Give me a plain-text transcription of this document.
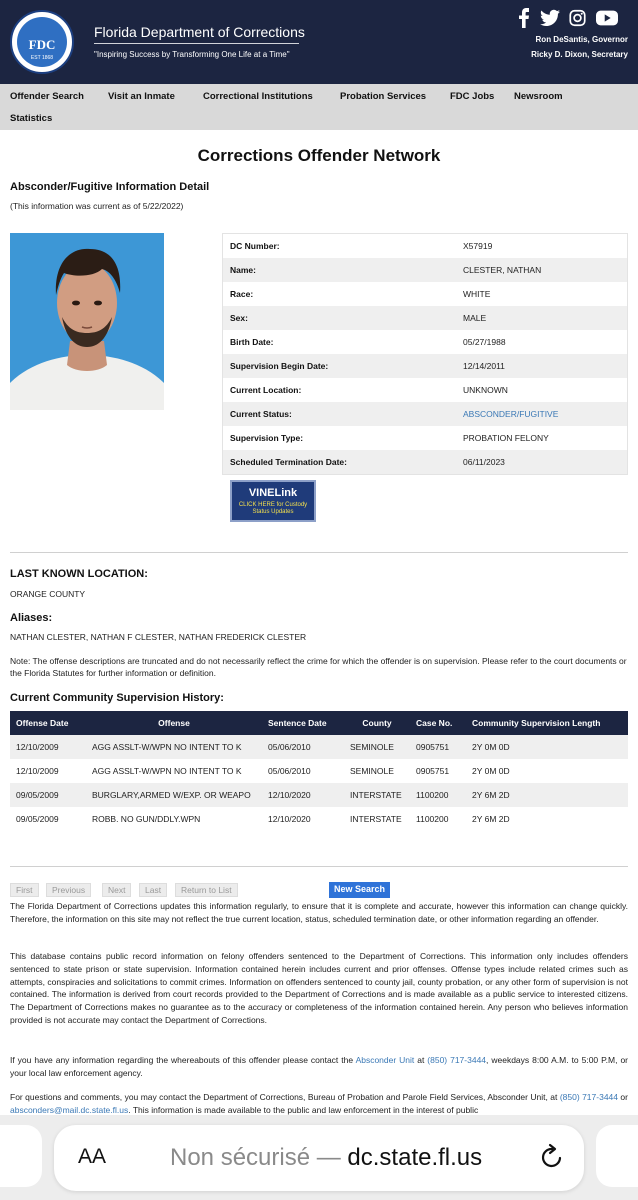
FDC
EST 1868
Florida Department of Corrections
"Inspiring Success by Transforming One Life at a Time"
Ron DeSantis, Governor
Ricky D. Dixon, Secretary
Offender Search	Visit an Inmate	Correctional Institutions	Probation Services	FDC Jobs Newsroom
Statistics
Corrections Offender Network
Absconder/Fugitive Information Detail
(This information was current as of 5/22/2022)
DC Number:	X57919
Name:	CLESTER, NATHAN
Race:	WHITE
Sex:	MALE
Birth Date:	05/27/1988
Supervision Begin Date:	12/14/2011
Current Location:	UNKNOWN
Current Status:	ABSCONDER/FUGITIVE
Supervision Type:	PROBATION FELONY
Scheduled Termination Date:	06/11/2023
VINELink
CLICK HERE for Custody Status Updates
LAST KNOWN LOCATION:
ORANGE COUNTY
Aliases:
NATHAN CLESTER, NATHAN F CLESTER, NATHAN FREDERICK CLESTER
Note: The offense descriptions are truncated and do not necessarily reflect the crime for which the offender is on supervision. Please refer to the court documents or the Florida Statutes for further information or definition.
Current Community Supervision History:
Offense Date	Offense	Sentence Date	County	Case No.	Community Supervision Length
12/10/2009	AGG ASSLT-W/WPN NO INTENT TO K	05/06/2010	SEMINOLE	0905751	2Y 0M 0D
12/10/2009	AGG ASSLT-W/WPN NO INTENT TO K	05/06/2010	SEMINOLE	0905751	2Y 0M 0D
09/05/2009	BURGLARY,ARMED W/EXP. OR WEAPO	12/10/2020	INTERSTATE	1100200	2Y 6M 2D
09/05/2009	ROBB. NO GUN/DDLY.WPN	12/10/2020	INTERSTATE	1100200	2Y 6M 2D
First	Previous	Next	Last	Return to List	New Search
The Florida Department of Corrections updates this information regularly, to ensure that it is complete and accurate, however this information can change quickly. Therefore, the information on this site may not reflect the true current location, status, scheduled termination date, or other information regarding an offender.
This database contains public record information on felony offenders sentenced to the Department of Corrections. This information only includes offenders sentenced to state prison or state supervision. Information contained herein includes current and prior offenses. Offense types include related crimes such as attempts, conspiracies and solicitations to commit crimes. Information on offenders sentenced to county jail, county probation, or any other form of supervision is not contained. The information is derived from court records provided to the Department of Corrections and is made available as a public service to interested citizens. The Department of Corrections makes no guarantee as to the accuracy or completeness of the information contained herein. Any person who believes information provided is not accurate may contact the Department of Corrections.
If you have any information regarding the whereabouts of this offender please contact the Absconder Unit at (850) 717-3444, weekdays 8:00 A.M. to 5:00 P.M, or your local law enforcement agency.
For questions and comments, you may contact the Department of Corrections, Bureau of Probation and Parole Field Services, Absconder Unit, at (850) 717-3444 or absconders@mail.dc.state.fl.us. This information is made available to the public and law enforcement in the interest of public
AA	Non sécurisé — dc.state.fl.us
